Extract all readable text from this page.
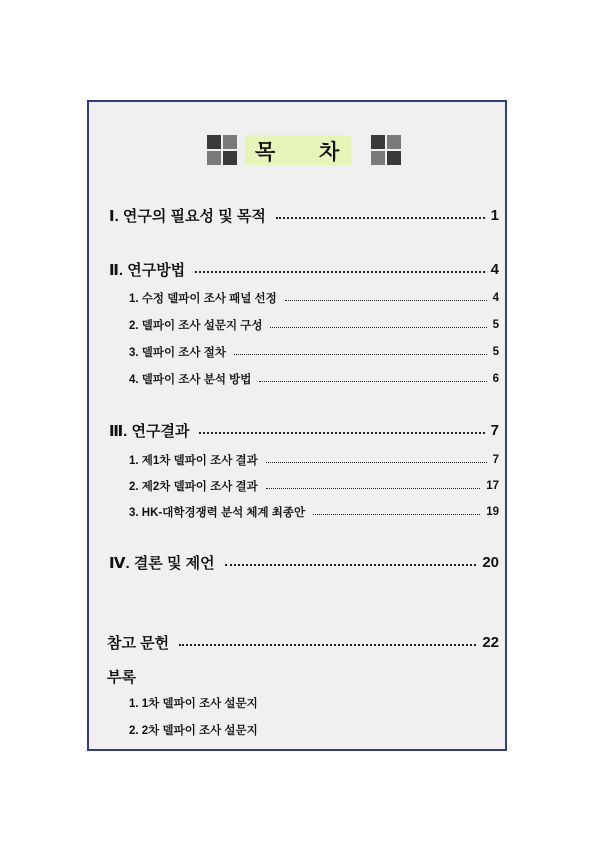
목 차
Ⅰ. 연구의 필요성 및 목적	1
Ⅱ. 연구방법	4
1. 수정 델파이 조사 패널 선정	4
2. 델파이 조사 설문지 구성	5
3. 델파이 조사 절차	5
4. 델파이 조사 분석 방법	6
Ⅲ. 연구결과	7
1. 제1차 델파이 조사 결과	7
2. 제2차 델파이 조사 결과	17
3. HK-대학경쟁력 분석 체계 최종안	19
Ⅳ. 결론 및 제언	20
참고 문헌	22
부록
1. 1차 델파이 조사 설문지
2. 2차 델파이 조사 설문지
